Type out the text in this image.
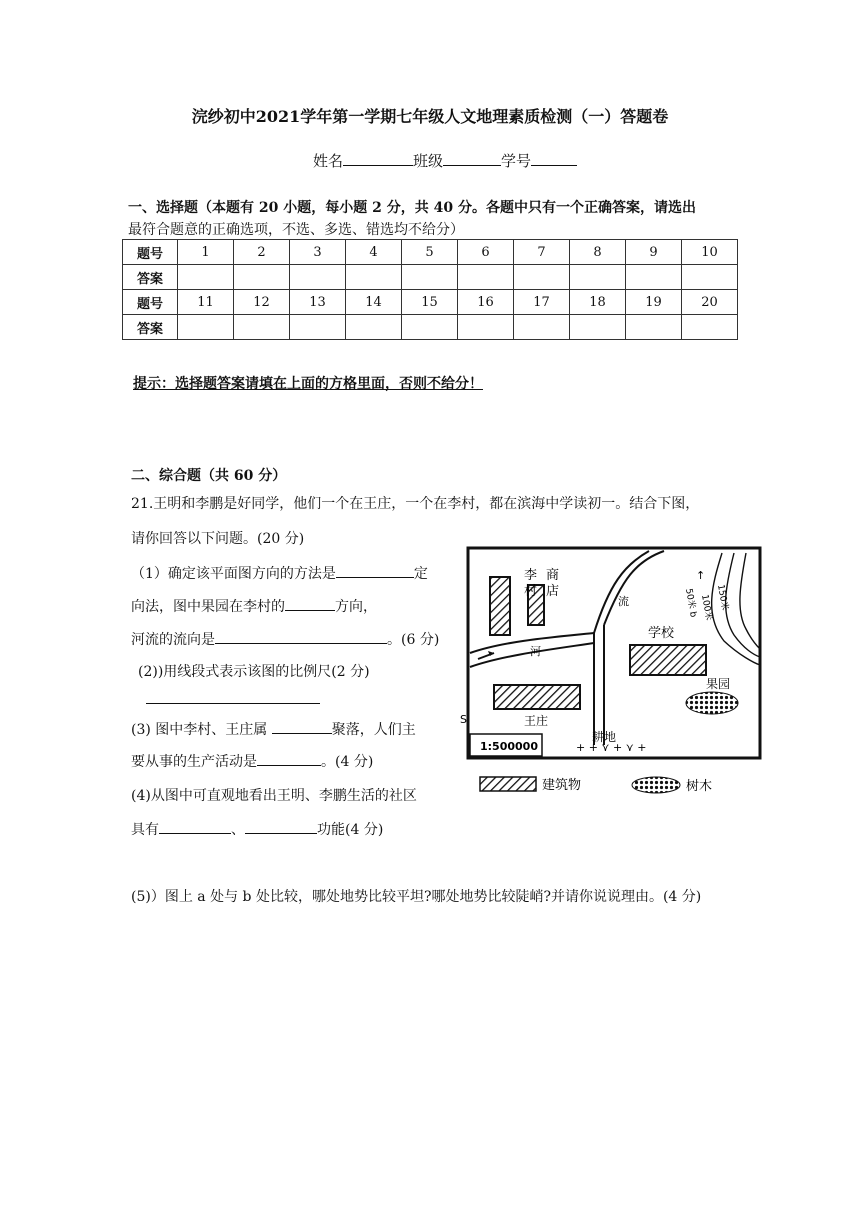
浣纱初中2021学年第一学期七年级人文地理素质检测（一）答题卷
姓名	班级	学号
一、选择题（本题有 20 小题，每小题 2 分，共 40 分。各题中只有一个正确答案，请选出
最符合题意的正确选项，不选、多选、错选均不给分）
题号	1	2	3	4	5	6	7	8	9	10
答案										
题号	11	12	13	14	15	16	17	18	19	20
答案										
提示：选择题答案请填在上面的方格里面，否则不给分！
二、综合题（共 60 分）
21.王明和李鹏是好同学，他们一个在王庄，一个在李村，都在滨海中学读初一。结合下图，
请你回答以下问题。(20 分)
（1）确定该平面图方向的方法是	定
向法，图中果园在李村的	方向，
河流的流向是	。(6 分)
(2))用线段式表示该图的比例尺(2 分)
(3) 图中李村、王庄属	聚落，人们主
要从事的生产活动是	。(4 分)
(4)从图中可直观地看出王明、李鹏生活的社区
具有	、	功能(4 分)
(5)）图上 a 处与 b 处比较，哪处地势比较平坦?哪处地势比较陡峭?并请你说说理由。(4 分)
↑
李
村
商
店
流
河
学校
果园
王庄
耕地
+ + ⋎ + ⋎ +
1:500000
50米 b 100米 150米
S
建筑物	树木
